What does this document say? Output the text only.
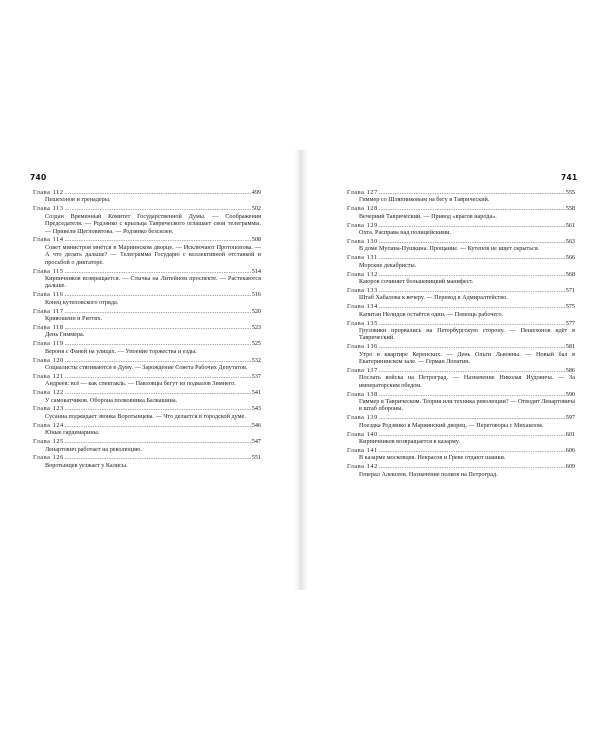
740	741
Глава 112 .....	499
Пешехонов и гренадеры.
Глава 113 .....	502
Создан Временный Комитет Государственной Думы. — Соображения Председателя. — Родзянко с крыльца Таврического оглашает свои телеграммы. — Привели Щегловитова. — Родзянко безсилен.
Глава 114 .....	508
Совет министров мнётся в Мариинском дворце. — Исключают Протопопова. — А что делать дальше? — Телеграмма Государю с коллективной отставкой и просьбой о диктаторе.
Глава 115 .....	514
Кирпичников возвращается. — Стычка на Литейном проспекте. — Растекаются дальше.
Глава 116 .....	516
Конец кутеповского отряда.
Глава 117 .....	520
Кривошеин и Риттих.
Глава 118 .....	523
День Гиммера.
Глава 119 .....	525
Вероня с Фаней на улицах. — Упоение торжества и езды.
Глава 120 .....	532
Социалисты стягиваются в Думу. — Зарождение Совета Рабочих Депутатов.
Глава 121 .....	537
Андреев: всё — как спектакль. — Павловцы бегут из подвалов Зимнего.
Глава 122 .....	541
У самокатчиков. Оборона полковника Балкашина.
Глава 123 .....	543
Сусанна поджидает звонка Воротынцева. — Что делается в городской думе.
Глава 124 .....	546
Юные гардемарины.
Глава 125 .....	547
Ленартович работает на революцию.
Глава 126 .....	551
Воротынцев уезжает у Калисы.
Глава 127 .....	555
Гиммер со Шляпниковым на бегу в Таврический.
Глава 128 .....	558
Вечерний Таврический. — Привод «врагов народа».
Глава 129 .....	561
Охта. Расправа над полицейскими.
Глава 130 .....	563
В доме Мусина-Пушкина. Прощание. — Кутепов не ищет скрыться.
Глава 131 .....	566
Морские декабристы.
Глава 132 .....	568
Каюров сочиняет большевицкий манифест.
Глава 133 .....	571
Штаб Хабалова к вечеру. — Перевод в Адмиралтейство.
Глава 134 .....	575
Капитан Нелидов остаётся один. — Помощь рабочего.
Глава 135 .....	577
Грузовики прорвались на Петербургскую сторону. — Пешехонов идёт в Таврический.
Глава 136 .....	581
Утро в квартире Керенских. — День Ольги Львовны. — Новый бал в Екатерининском зале. — Герман Лопатин.
Глава 137 .....	586
Послать войска на Петроград. — Назначение Николая Иудовича. — За императорским обедом.
Глава 138 .....	590
Гиммер в Таврическом. Теория или техника революции? — Отводят Ленартовича в штаб обороны.
Глава 139 .....	597
Поездка Родзянко в Мариинский дворец. — Переговоры с Михаилом.
Глава 140 .....	601
Кирпичников возвращается в казарму.
Глава 141 .....	606
В казарме московцев. Некрасов и Греве отдают шашки.
Глава 142 .....	609
Генерал Алексеев. Назначение полков на Петроград.
